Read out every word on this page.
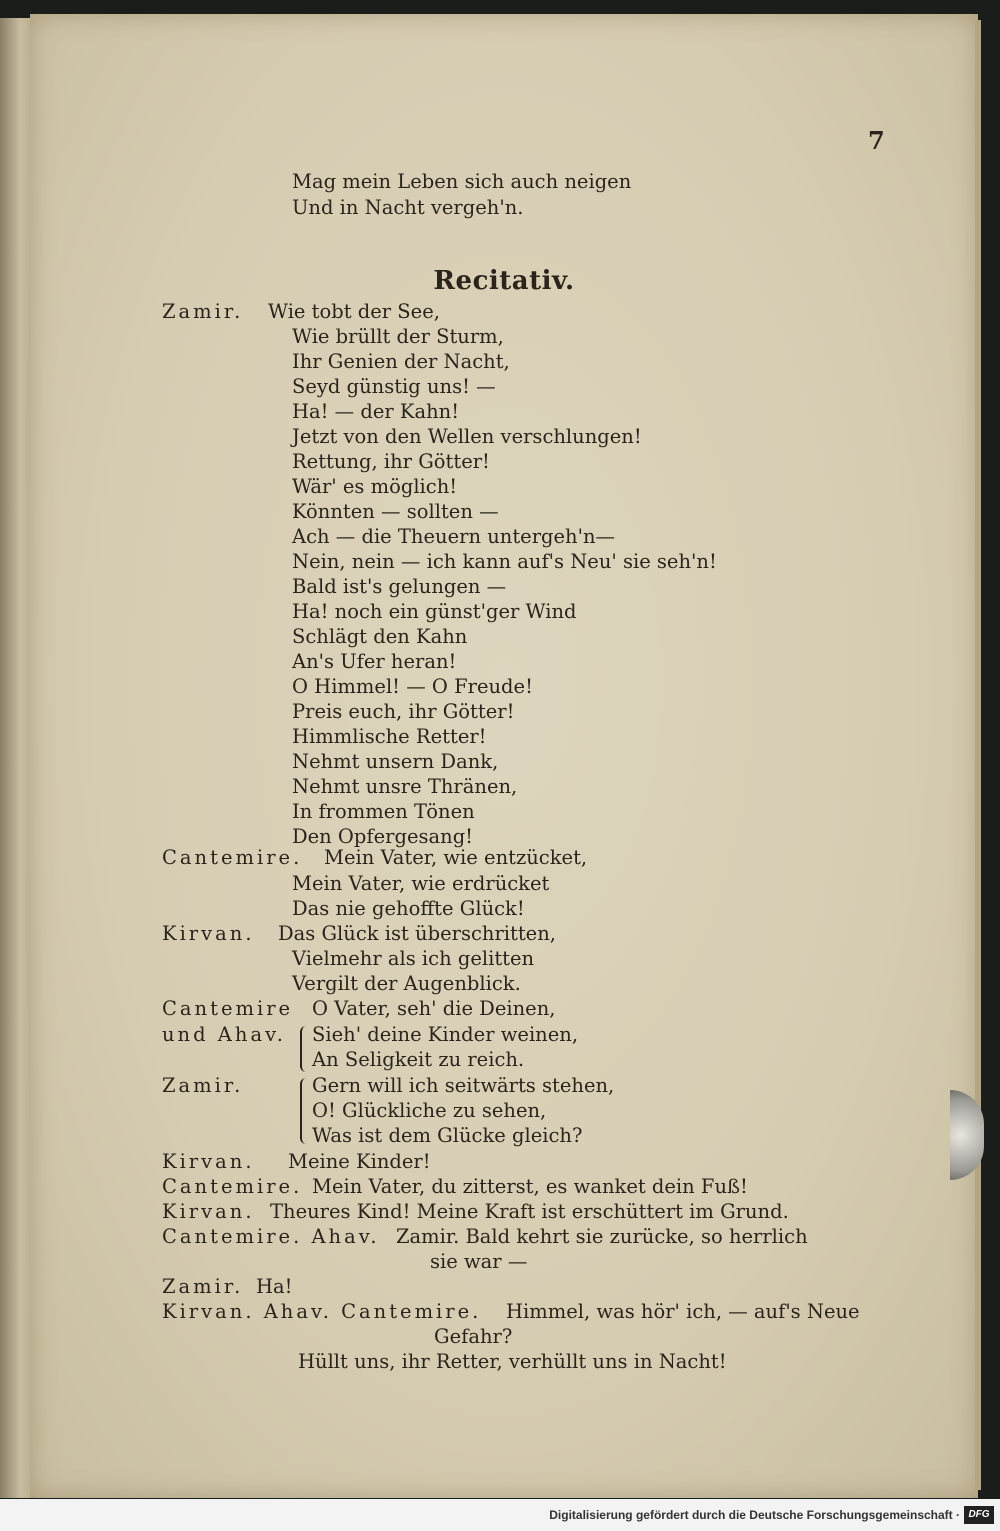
7
Mag mein Leben sich auch neigen
Und in Nacht vergeh'n.
Recitativ.
Zamir.
Cantemire.
Kirvan.
Cantemire
und Ahav.
Zamir.
Kirvan.
Cantemire.
Kirvan.
Cantemire. Ahav.
Zamir.
Kirvan. Ahav. Cantemire.
Wie tobt der See,
Wie brüllt der Sturm,
Ihr Genien der Nacht,
Seyd günstig uns! —
Ha! — der Kahn!
Jetzt von den Wellen verschlungen!
Rettung, ihr Götter!
Wär' es möglich!
Könnten — sollten —
Ach — die Theuern untergeh'n—
Nein, nein — ich kann auf's Neu' sie seh'n!
Bald ist's gelungen —
Ha! noch ein günst'ger Wind
Schlägt den Kahn
An's Ufer heran!
O Himmel! — O Freude!
Preis euch, ihr Götter!
Himmlische Retter!
Nehmt unsern Dank,
Nehmt unsre Thränen,
In frommen Tönen
Den Opfergesang!
Mein Vater, wie entzücket,
Mein Vater, wie erdrücket
Das nie gehoffte Glück!
Das Glück ist überschritten,
Vielmehr als ich gelitten
Vergilt der Augenblick.
O Vater, seh' die Deinen,
Sieh' deine Kinder weinen,
An Seligkeit zu reich.
Gern will ich seitwärts stehen,
O! Glückliche zu sehen,
Was ist dem Glücke gleich?
Meine Kinder!
Mein Vater, du zitterst, es wanket dein Fuß!
Theures Kind! Meine Kraft ist erschüttert im Grund.
Zamir. Bald kehrt sie zurücke, so herrlich
sie war —
Ha!
Himmel, was hör' ich, — auf's Neue
Gefahr?
Hüllt uns, ihr Retter, verhüllt uns in Nacht!
Digitalisierung gefördert durch die Deutsche Forschungsgemeinschaft · DFG
